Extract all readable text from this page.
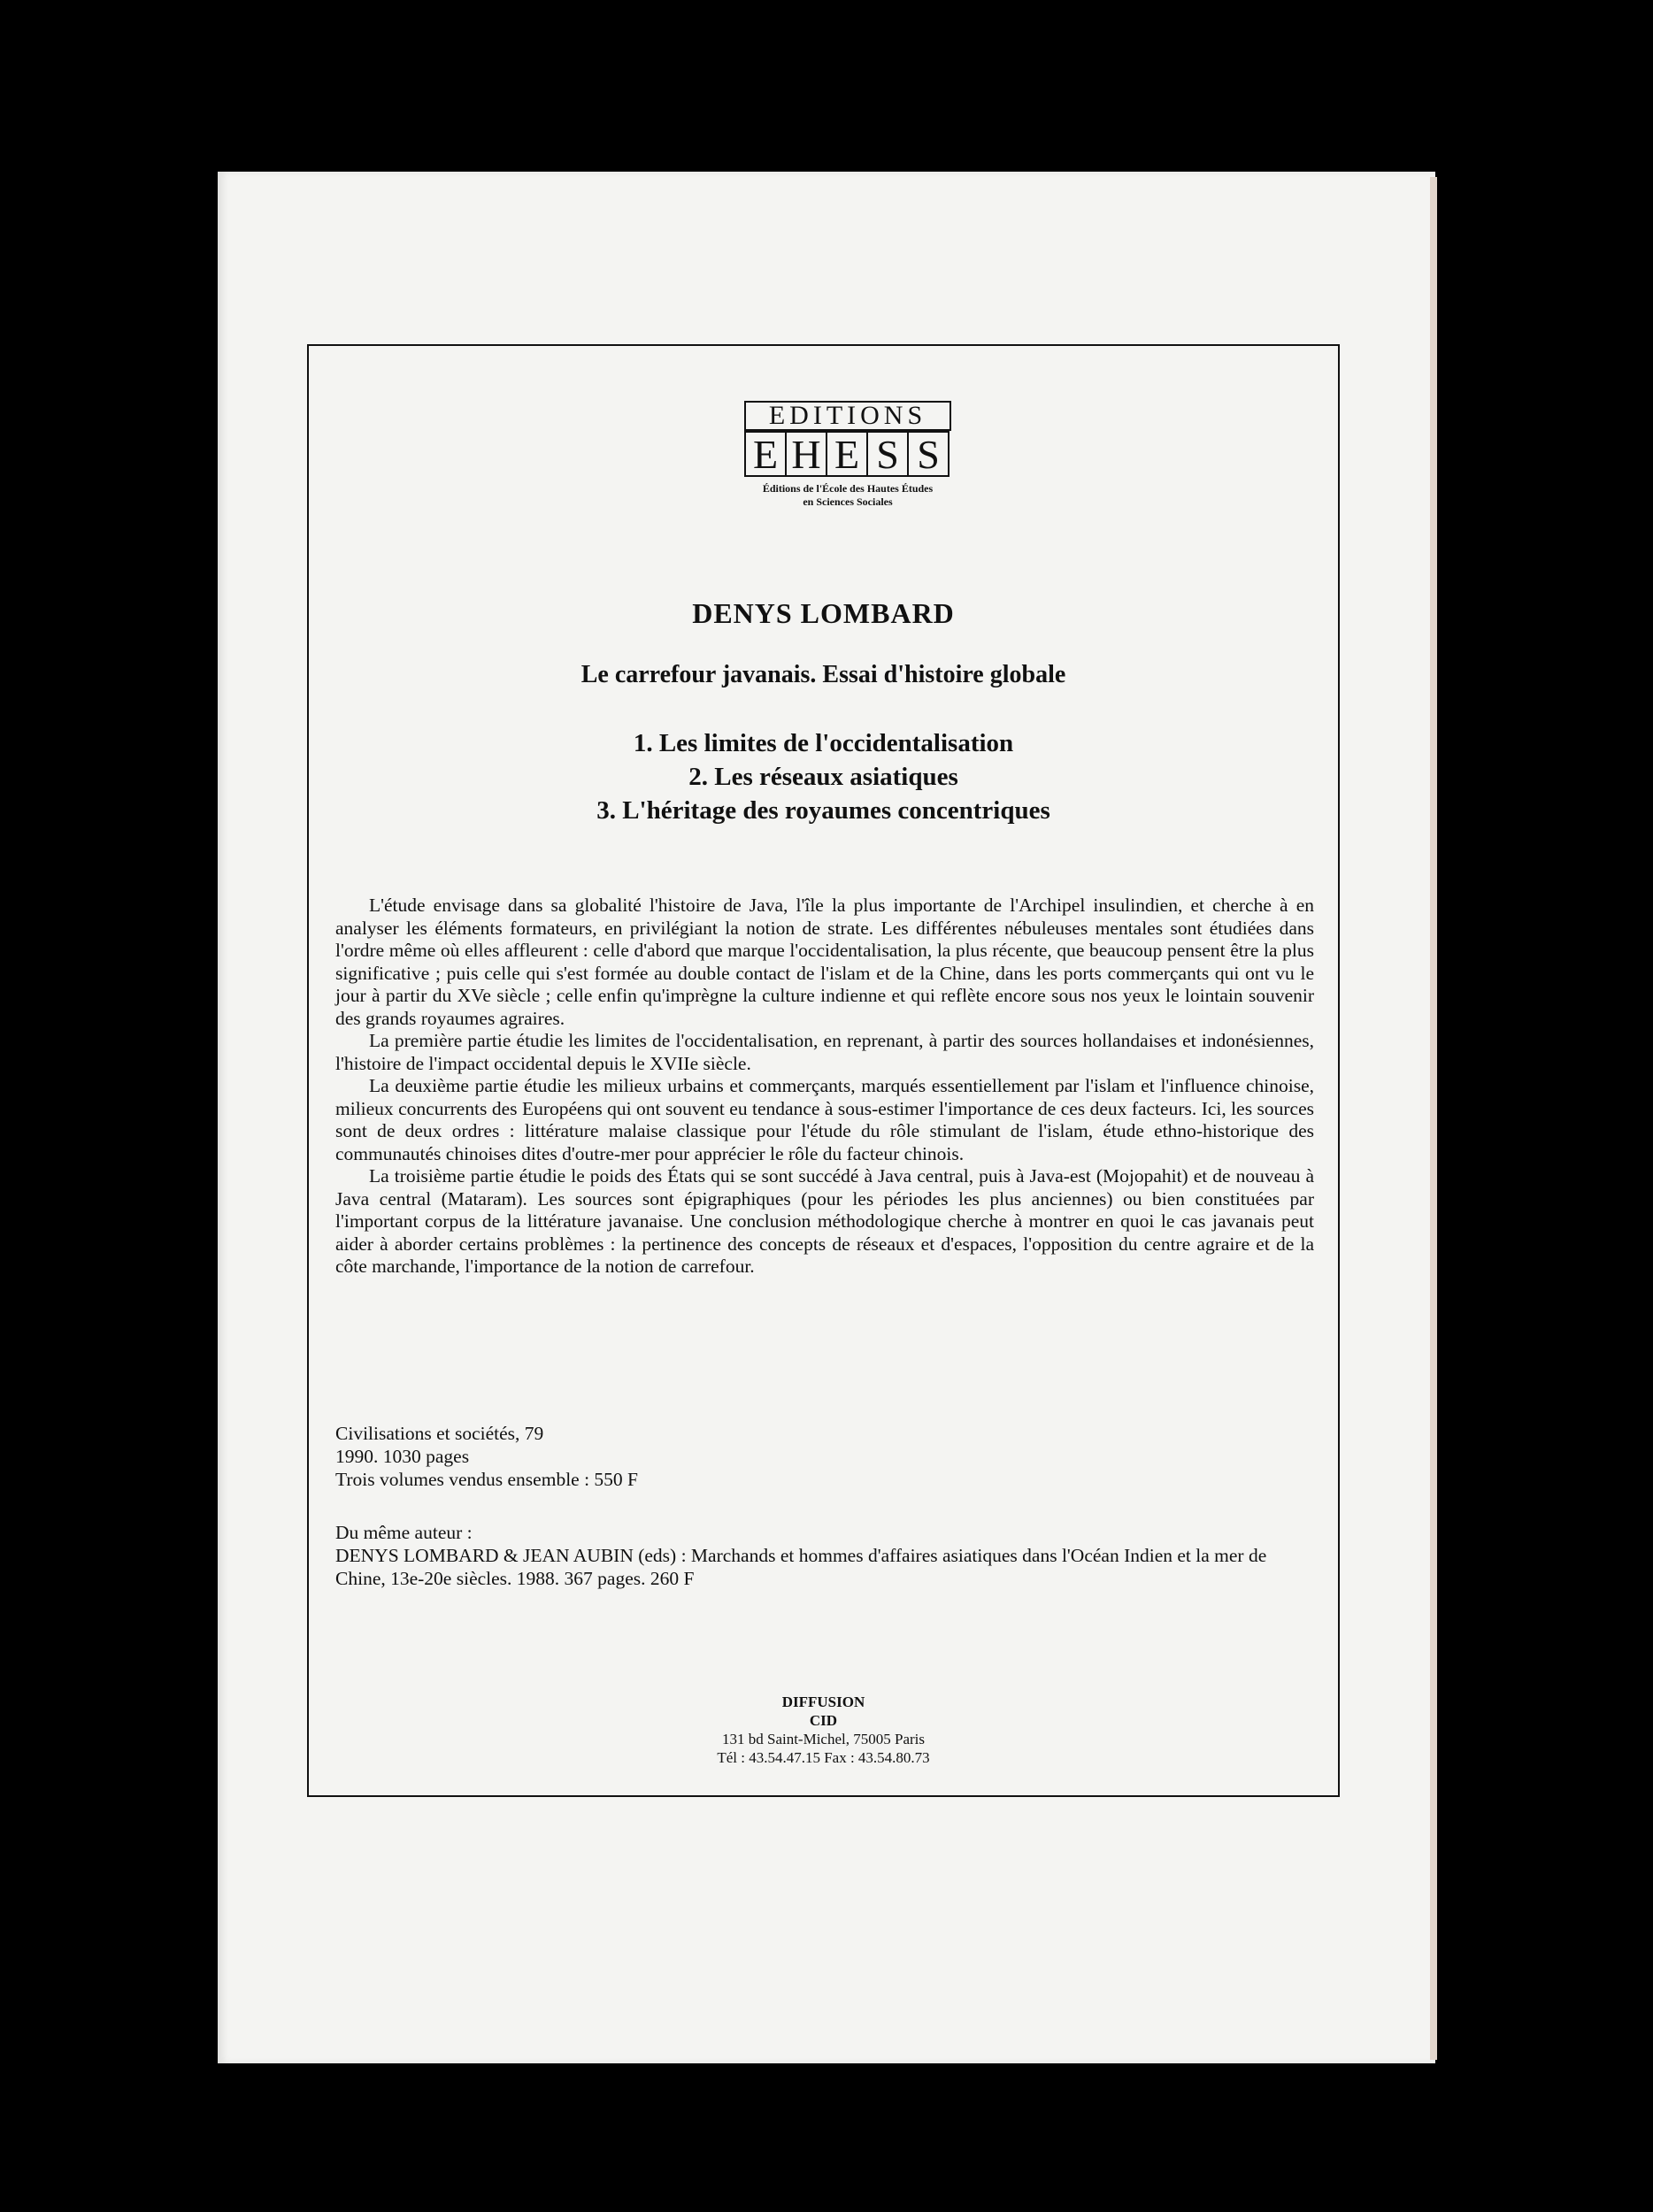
EDITIONS
E H E S S
Éditions de l'École des Hautes Études
en Sciences Sociales
DENYS LOMBARD
Le carrefour javanais. Essai d'histoire globale
1. Les limites de l'occidentalisation
2. Les réseaux asiatiques
3. L'héritage des royaumes concentriques

L'étude envisage dans sa globalité l'histoire de Java, l'île la plus importante de l'Archipel insulindien, et cherche à en analyser les éléments formateurs, en privilégiant la notion de strate. Les différentes nébuleuses mentales sont étudiées dans l'ordre même où elles affleurent : celle d'abord que marque l'occidentalisation, la plus récente, que beaucoup pensent être la plus significative ; puis celle qui s'est formée au double contact de l'islam et de la Chine, dans les ports commerçants qui ont vu le jour à partir du XVe siècle ; celle enfin qu'imprègne la culture indienne et qui reflète encore sous nos yeux le lointain souvenir des grands royaumes agraires.

La première partie étudie les limites de l'occidentalisation, en reprenant, à partir des sources hollandaises et indonésiennes, l'histoire de l'impact occidental depuis le XVIIe siècle.

La deuxième partie étudie les milieux urbains et commerçants, marqués essentiellement par l'islam et l'influence chinoise, milieux concurrents des Européens qui ont souvent eu tendance à sous-estimer l'importance de ces deux facteurs. Ici, les sources sont de deux ordres : littérature malaise classique pour l'étude du rôle stimulant de l'islam, étude ethno-historique des communautés chinoises dites d'outre-mer pour apprécier le rôle du facteur chinois.

La troisième partie étudie le poids des États qui se sont succédé à Java central, puis à Java-est (Mojopahit) et de nouveau à Java central (Mataram). Les sources sont épigraphiques (pour les périodes les plus anciennes) ou bien constituées par l'important corpus de la littérature javanaise. Une conclusion méthodologique cherche à montrer en quoi le cas javanais peut aider à aborder certains problèmes : la pertinence des concepts de réseaux et d'espaces, l'opposition du centre agraire et de la côte marchande, l'importance de la notion de carrefour.

Civilisations et sociétés, 79
1990. 1030 pages
Trois volumes vendus ensemble : 550 F
Du même auteur :
DENYS LOMBARD & JEAN AUBIN (eds) : Marchands et hommes d'affaires asiatiques dans l'Océan Indien et la mer de Chine, 13e-20e siècles. 1988. 367 pages. 260 F
DIFFUSION
CID
131 bd Saint-Michel, 75005 Paris
Tél : 43.54.47.15 Fax : 43.54.80.73
